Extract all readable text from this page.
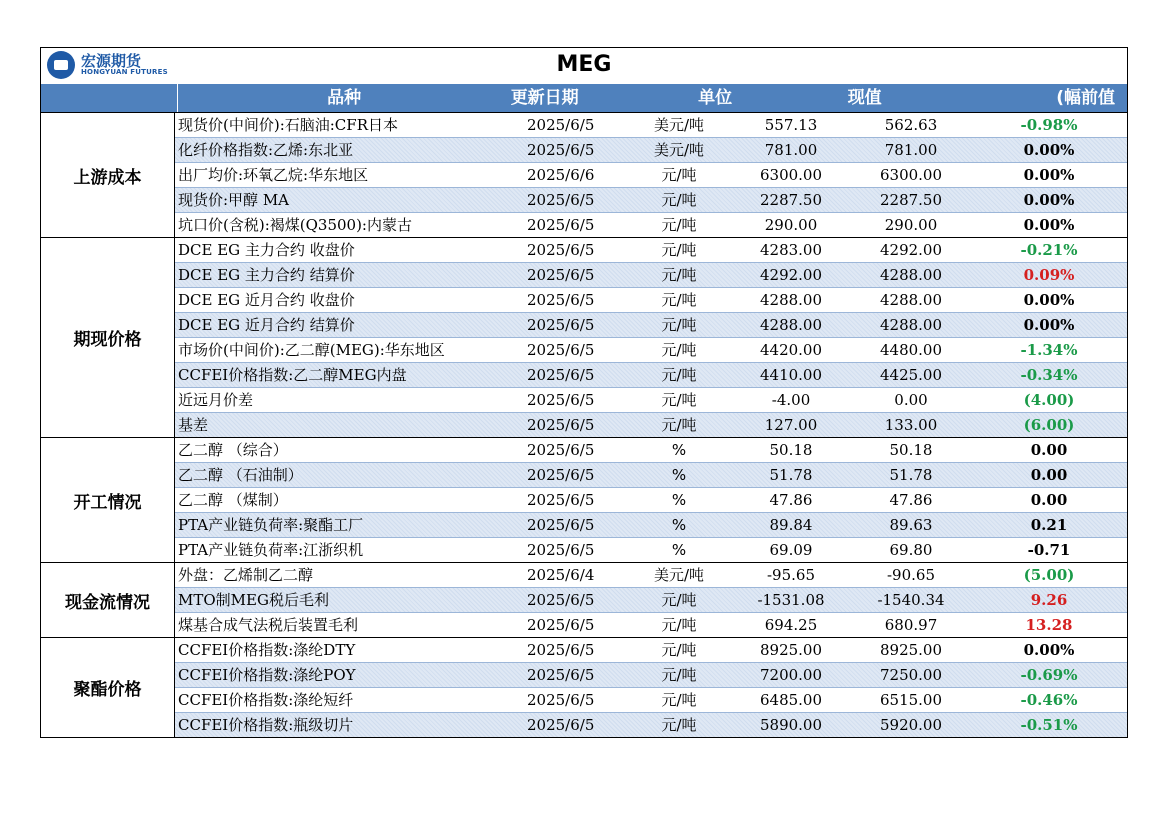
宏源期货
HONGYUAN FUTURES	MEG
品种	更新日期	单位	现值	(幅前值
上游成本
现货价(中间价):石脑油:CFR日本	2025/6/5	美元/吨	557.13	562.63	-0.98%
化纤价格指数:乙烯:东北亚	2025/6/5	美元/吨	781.00	781.00	0.00%
出厂均价:环氧乙烷:华东地区	2025/6/6	元/吨	6300.00	6300.00	0.00%
现货价:甲醇 MA	2025/6/5	元/吨	2287.50	2287.50	0.00%
坑口价(含税):褐煤(Q3500):内蒙古	2025/6/5	元/吨	290.00	290.00	0.00%
期现价格
DCE EG 主力合约 收盘价	2025/6/5	元/吨	4283.00	4292.00	-0.21%
DCE EG 主力合约 结算价	2025/6/5	元/吨	4292.00	4288.00	0.09%
DCE EG 近月合约 收盘价	2025/6/5	元/吨	4288.00	4288.00	0.00%
DCE EG 近月合约 结算价	2025/6/5	元/吨	4288.00	4288.00	0.00%
市场价(中间价):乙二醇(MEG):华东地区	2025/6/5	元/吨	4420.00	4480.00	-1.34%
CCFEI价格指数:乙二醇MEG内盘	2025/6/5	元/吨	4410.00	4425.00	-0.34%
近远月价差	2025/6/5	元/吨	-4.00	0.00	(4.00)
基差	2025/6/5	元/吨	127.00	133.00	(6.00)
开工情况
乙二醇 （综合）	2025/6/5	%	50.18	50.18	0.00
乙二醇 （石油制）	2025/6/5	%	51.78	51.78	0.00
乙二醇 （煤制）	2025/6/5	%	47.86	47.86	0.00
PTA产业链负荷率:聚酯工厂	2025/6/5	%	89.84	89.63	0.21
PTA产业链负荷率:江浙织机	2025/6/5	%	69.09	69.80	-0.71
现金流情况
外盘：乙烯制乙二醇	2025/6/4	美元/吨	-95.65	-90.65	(5.00)
MTO制MEG税后毛利	2025/6/5	元/吨	-1531.08	-1540.34	9.26
煤基合成气法税后装置毛利	2025/6/5	元/吨	694.25	680.97	13.28
聚酯价格
CCFEI价格指数:涤纶DTY	2025/6/5	元/吨	8925.00	8925.00	0.00%
CCFEI价格指数:涤纶POY	2025/6/5	元/吨	7200.00	7250.00	-0.69%
CCFEI价格指数:涤纶短纤	2025/6/5	元/吨	6485.00	6515.00	-0.46%
CCFEI价格指数:瓶级切片	2025/6/5	元/吨	5890.00	5920.00	-0.51%
